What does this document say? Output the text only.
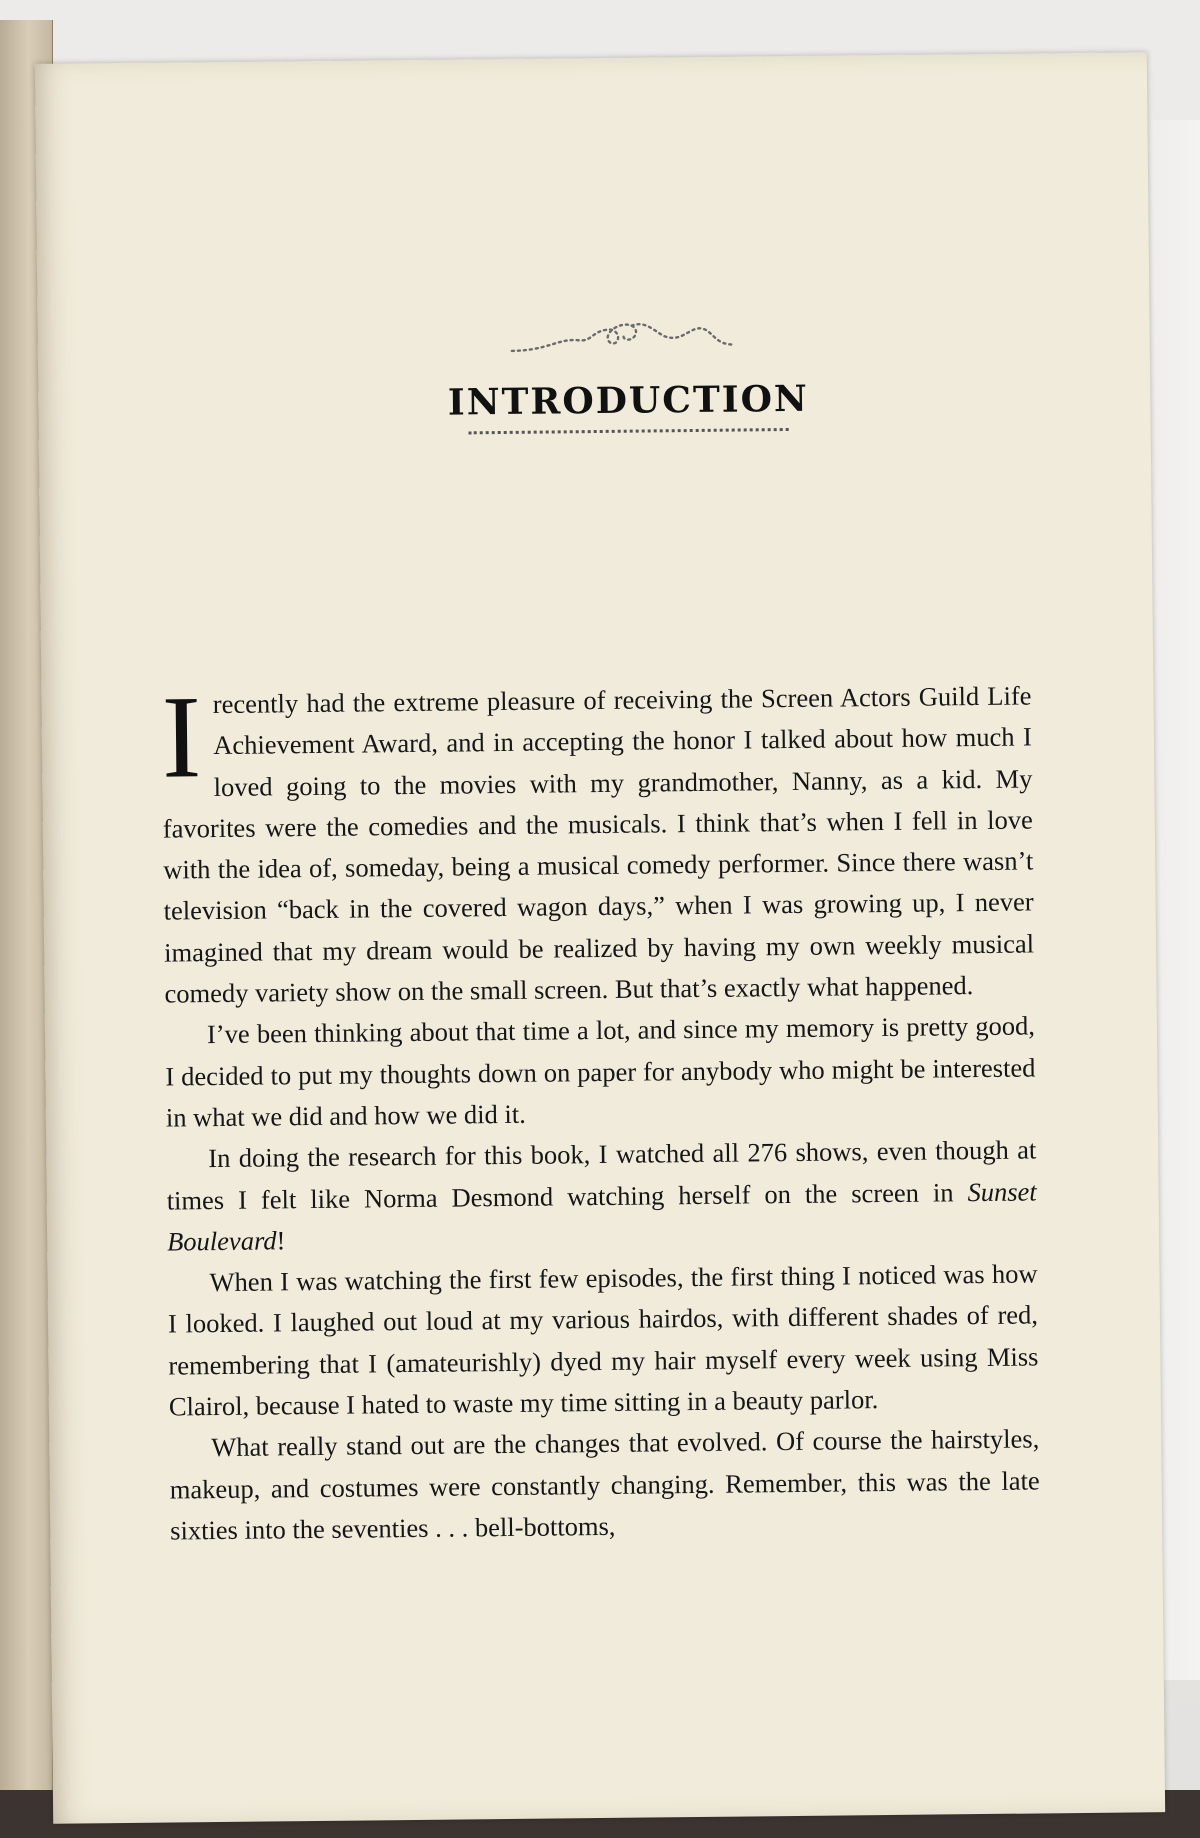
INTRODUCTION

Irecently had the extreme pleasure of receiving the Screen Actors Guild Life Achievement Award, and in accepting the honor I talked about how much I loved going to the movies with my grandmother, Nanny, as a kid. My favorites were the comedies and the musicals. I think that’s when I fell in love with the idea of, someday, being a musical comedy performer. Since there wasn’t television “back in the covered wagon days,” when I was growing up, I never imagined that my dream would be realized by having my own weekly musical comedy variety show on the small screen. But that’s exactly what happened.

I’ve been thinking about that time a lot, and since my memory is pretty good, I decided to put my thoughts down on paper for anybody who might be interested in what we did and how we did it.

In doing the research for this book, I watched all 276 shows, even though at times I felt like Norma Desmond watching herself on the screen in Sunset Boulevard!

When I was watching the first few episodes, the first thing I noticed was how I looked. I laughed out loud at my various hairdos, with different shades of red, remembering that I (amateurishly) dyed my hair myself every week using Miss Clairol, because I hated to waste my time sitting in a beauty parlor.

What really stand out are the changes that evolved. Of course the hairstyles, makeup, and costumes were constantly changing. Remember, this was the late sixties into the seventies . . . bell-bottoms,
